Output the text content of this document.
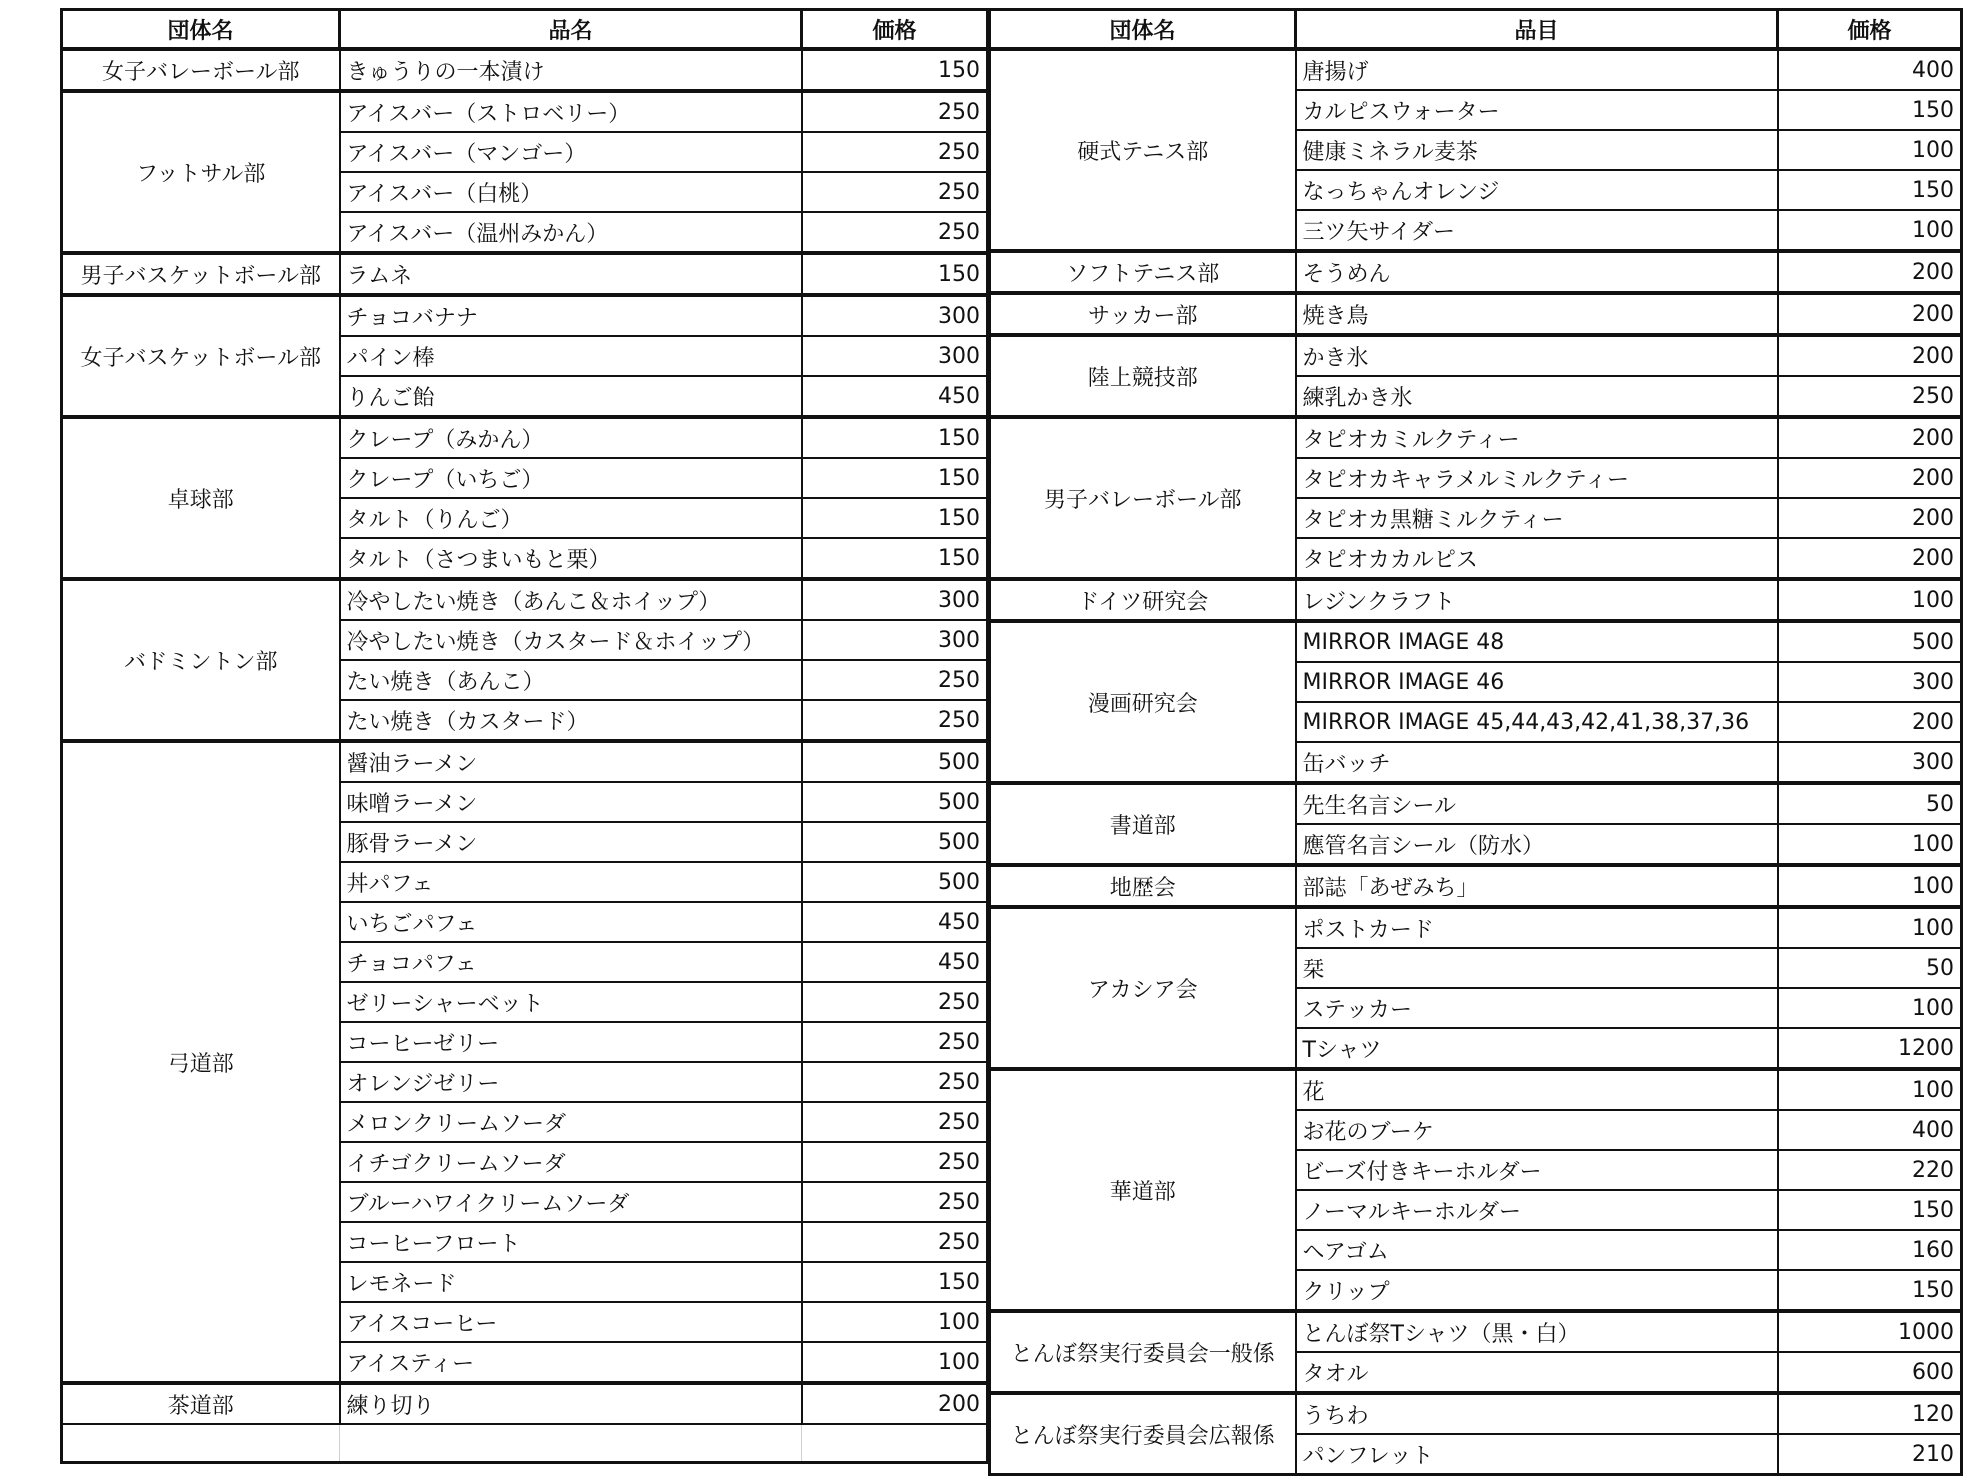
団体名	品名	価格
女子バレーボール部	きゅうりの一本漬け	150
フットサル部	アイスバー（ストロベリー）	250
	アイスバー（マンゴー）	250
	アイスバー（白桃）	250
	アイスバー（温州みかん）	250
男子バスケットボール部	ラムネ	150
女子バスケットボール部	チョコバナナ	300
	パイン棒	300
	りんご飴	450
卓球部	クレープ（みかん）	150
	クレープ（いちご）	150
	タルト（りんご）	150
	タルト（さつまいもと栗）	150
バドミントン部	冷やしたい焼き（あんこ＆ホイップ）	300
	冷やしたい焼き（カスタード＆ホイップ）	300
	たい焼き（あんこ）	250
	たい焼き（カスタード）	250
弓道部	醤油ラーメン	500
	味噌ラーメン	500
	豚骨ラーメン	500
	丼パフェ	500
	いちごパフェ	450
	チョコパフェ	450
	ゼリーシャーベット	250
	コーヒーゼリー	250
	オレンジゼリー	250
	メロンクリームソーダ	250
	イチゴクリームソーダ	250
	ブルーハワイクリームソーダ	250
	コーヒーフロート	250
	レモネード	150
	アイスコーヒー	100
	アイスティー	100
茶道部	練り切り	200

団体名	品目	価格
硬式テニス部	唐揚げ	400
	カルピスウォーター	150
	健康ミネラル麦茶	100
	なっちゃんオレンジ	150
	三ツ矢サイダー	100
ソフトテニス部	そうめん	200
サッカー部	焼き鳥	200
陸上競技部	かき氷	200
	練乳かき氷	250
男子バレーボール部	タピオカミルクティー	200
	タピオカキャラメルミルクティー	200
	タピオカ黒糖ミルクティー	200
	タピオカカルピス	200
ドイツ研究会	レジンクラフト	100
漫画研究会	MIRROR IMAGE 48	500
	MIRROR IMAGE 46	300
	MIRROR IMAGE 45,44,43,42,41,38,37,36	200
	缶バッチ	300
書道部	先生名言シール	50
	應管名言シール（防水）	100
地歴会	部誌「あぜみち」	100
アカシア会	ポストカード	100
	栞	50
	ステッカー	100
	Tシャツ	1200
華道部	花	100
	お花のブーケ	400
	ビーズ付きキーホルダー	220
	ノーマルキーホルダー	150
	ヘアゴム	160
	クリップ	150
とんぼ祭実行委員会一般係	とんぼ祭Tシャツ（黒・白）	1000
	タオル	600
とんぼ祭実行委員会広報係	うちわ	120
	パンフレット	210
